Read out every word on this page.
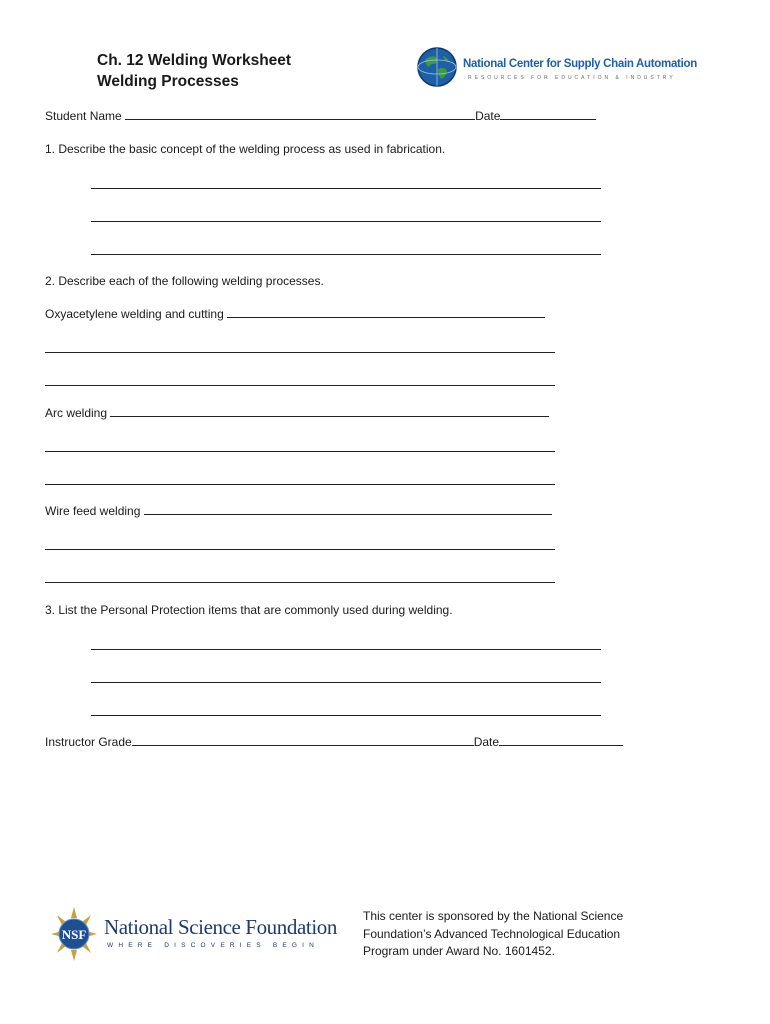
Ch. 12 Welding Worksheet
Welding Processes
National Center for Supply Chain Automation
RESOURCES FOR EDUCATION & INDUSTRY
Student Name	Date
1. Describe the basic concept of the welding process as used in fabrication.
2. Describe each of the following welding processes.
Oxyacetylene welding and cutting
Arc welding
Wire feed welding
3. List the Personal Protection items that are commonly used during welding.
Instructor Grade	Date
NSF National Science Foundation
WHERE DISCOVERIES BEGIN
This center is sponsored by the National Science
Foundation’s Advanced Technological Education
Program under Award No. 1601452.
